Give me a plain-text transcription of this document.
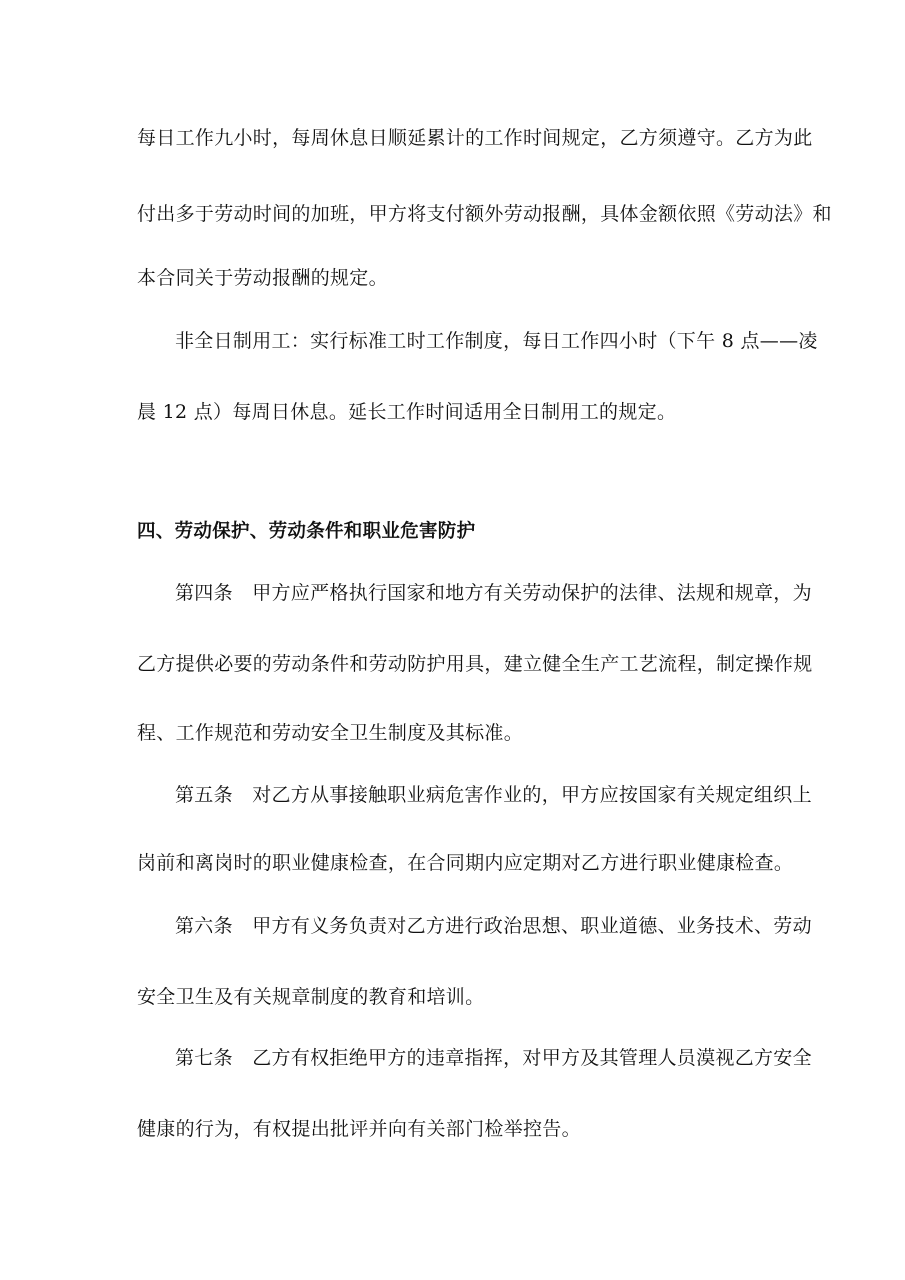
每日工作九小时，每周休息日顺延累计的工作时间规定，乙方须遵守。乙方为此
付出多于劳动时间的加班，甲方将支付额外劳动报酬，具体金额依照《劳动法》和
本合同关于劳动报酬的规定。
非全日制用工：实行标准工时工作制度，每日工作四小时（下午 8 点——凌
晨 12 点）每周日休息。延长工作时间适用全日制用工的规定。
四、劳动保护、劳动条件和职业危害防护
第四条　甲方应严格执行国家和地方有关劳动保护的法律、法规和规章，为
乙方提供必要的劳动条件和劳动防护用具，建立健全生产工艺流程，制定操作规
程、工作规范和劳动安全卫生制度及其标准。
第五条　对乙方从事接触职业病危害作业的，甲方应按国家有关规定组织上
岗前和离岗时的职业健康检查，在合同期内应定期对乙方进行职业健康检查。
第六条　甲方有义务负责对乙方进行政治思想、职业道德、业务技术、劳动
安全卫生及有关规章制度的教育和培训。
第七条　乙方有权拒绝甲方的违章指挥，对甲方及其管理人员漠视乙方安全
健康的行为，有权提出批评并向有关部门检举控告。
